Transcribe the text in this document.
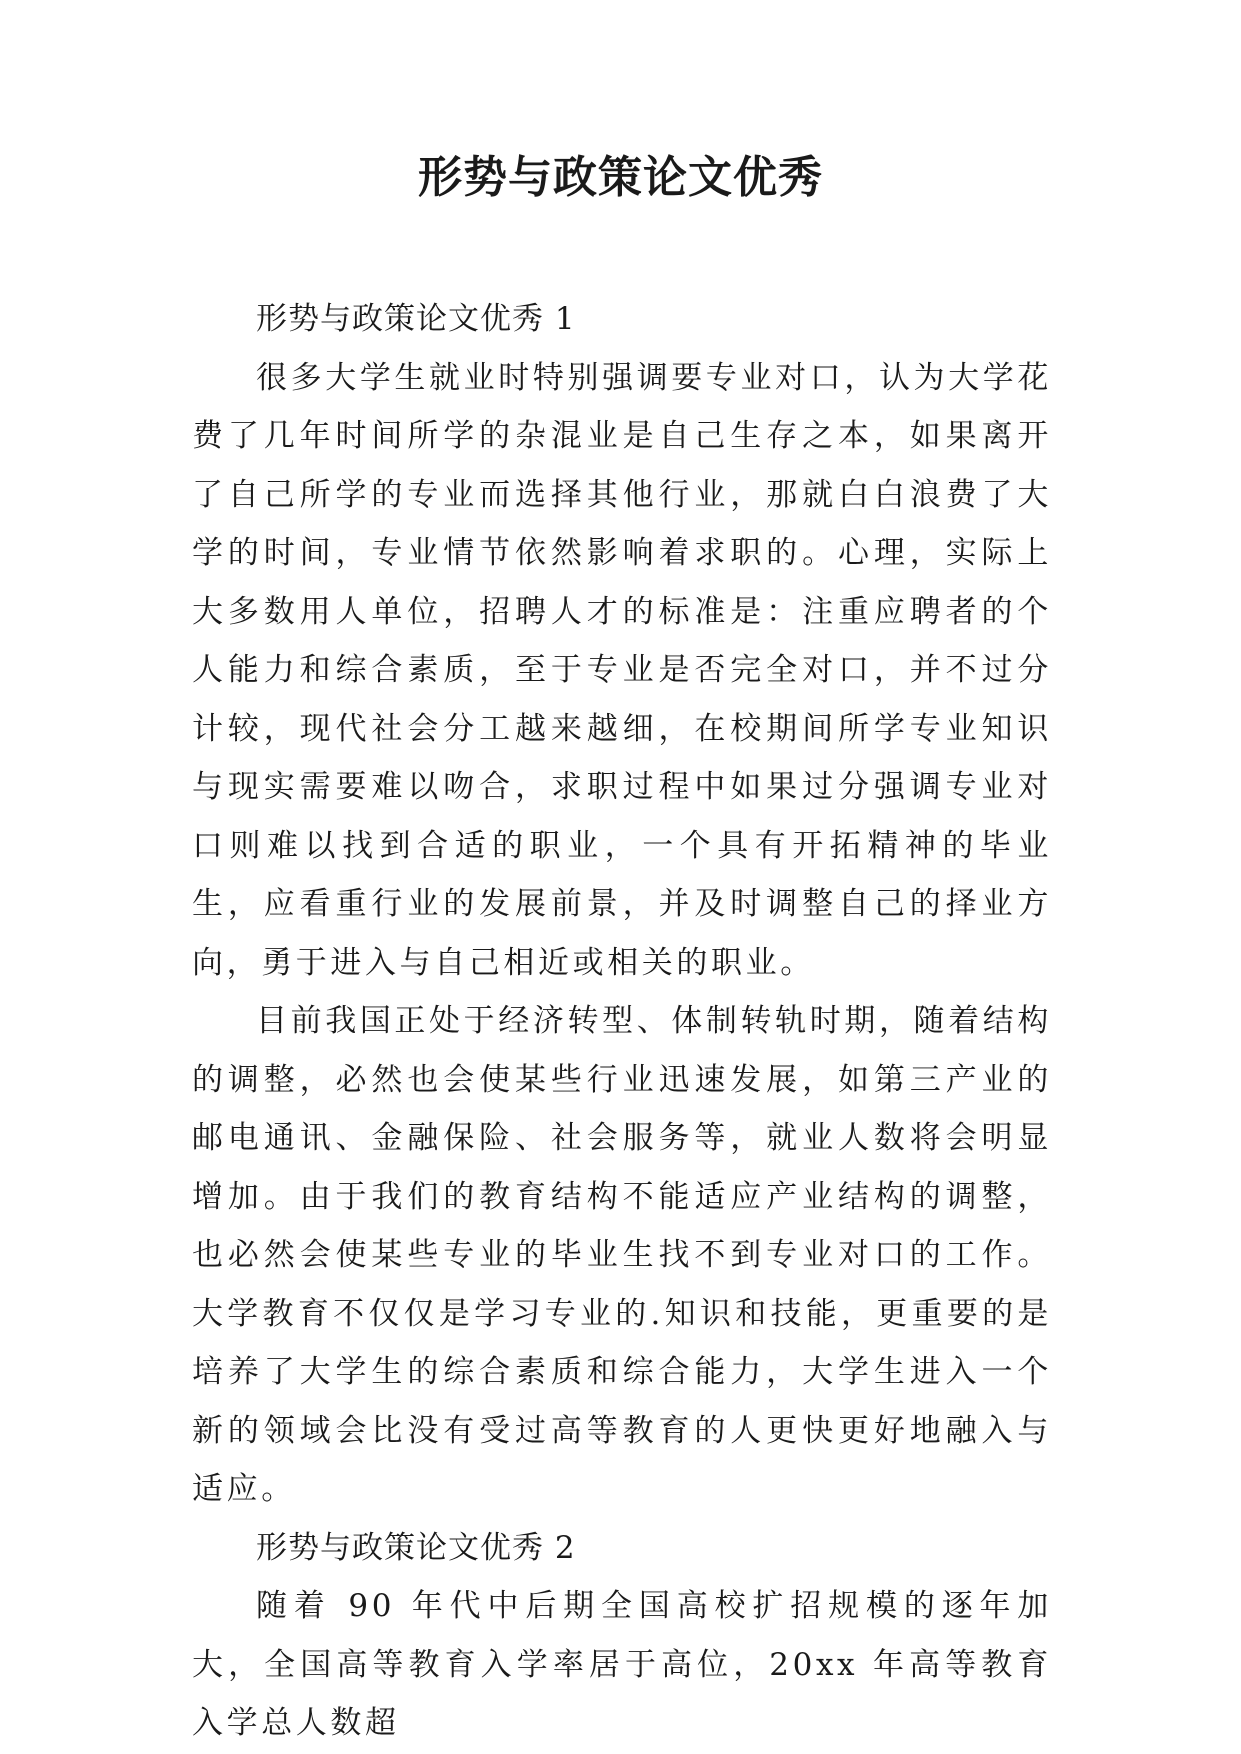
形势与政策论文优秀

形势与政策论文优秀 1

很多大学生就业时特别强调要专业对口，认为大学花费了几年时间所学的杂混业是自己生存之本，如果离开了自己所学的专业而选择其他行业，那就白白浪费了大学的时间，专业情节依然影响着求职的。心理，实际上大多数用人单位，招聘人才的标准是：注重应聘者的个人能力和综合素质，至于专业是否完全对口，并不过分计较，现代社会分工越来越细，在校期间所学专业知识与现实需要难以吻合，求职过程中如果过分强调专业对口则难以找到合适的职业，一个具有开拓精神的毕业生，应看重行业的发展前景，并及时调整自己的择业方向，勇于进入与自己相近或相关的职业。

目前我国正处于经济转型、体制转轨时期，随着结构的调整，必然也会使某些行业迅速发展，如第三产业的邮电通讯、金融保险、社会服务等，就业人数将会明显增加。由于我们的教育结构不能适应产业结构的调整，也必然会使某些专业的毕业生找不到专业对口的工作。大学教育不仅仅是学习专业的.知识和技能，更重要的是培养了大学生的综合素质和综合能力，大学生进入一个新的领域会比没有受过高等教育的人更快更好地融入与适应。

形势与政策论文优秀 2

随着 90 年代中后期全国高校扩招规模的逐年加大，全国高等教育入学率居于高位，20xx 年高等教育入学总人数超
